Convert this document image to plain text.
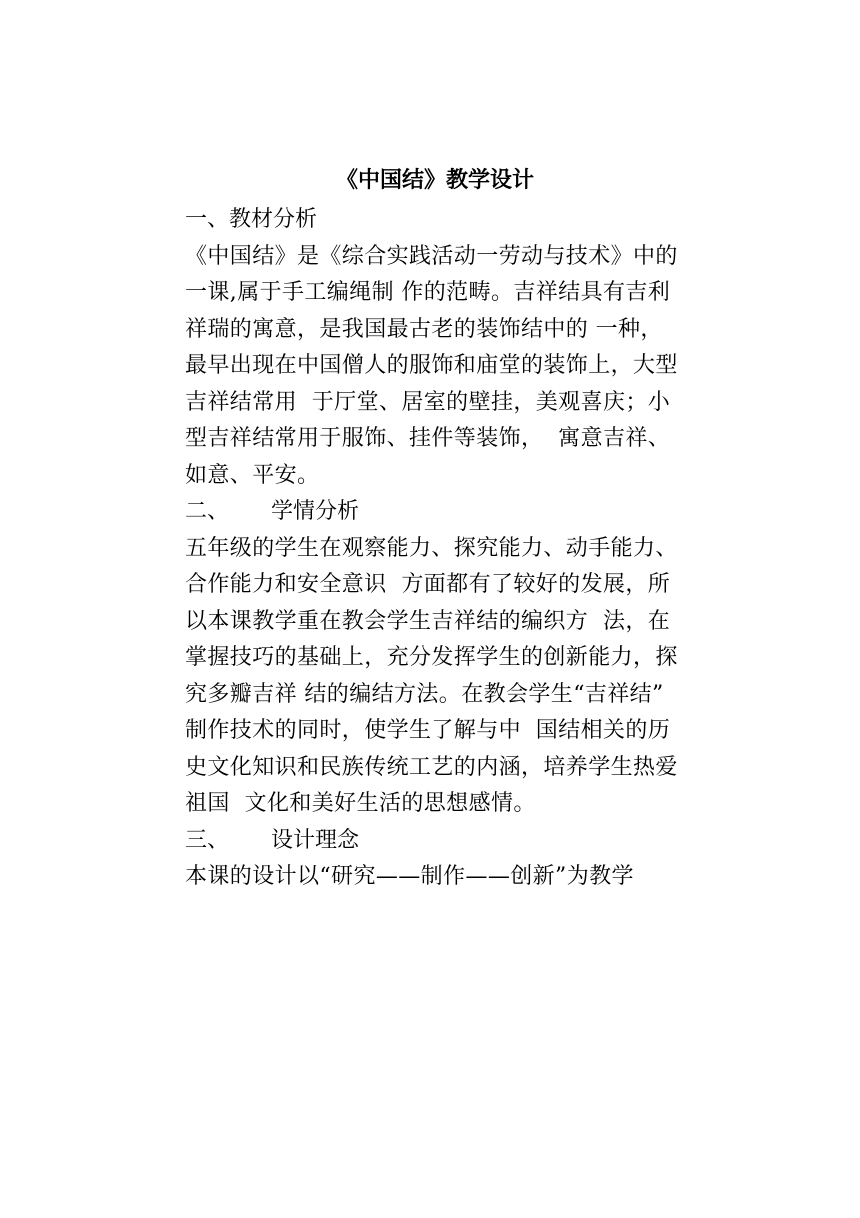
《中国结》教学设计
一、教材分析
《中国结》是《综合实践活动一劳动与技术》中的
一课,属于手工编绳制 作的范畴。吉祥结具有吉利
祥瑞的寓意，是我国最古老的装饰结中的 一种，
最早出现在中国僧人的服饰和庙堂的装饰上，大型
吉祥结常用  于厅堂、居室的壁挂，美观喜庆；小
型吉祥结常用于服饰、挂件等装饰，  寓意吉祥、
如意、平安。
二、      学情分析
五年级的学生在观察能力、探究能力、动手能力、
合作能力和安全意识  方面都有了较好的发展，所
以本课教学重在教会学生吉祥结的编织方  法，在
掌握技巧的基础上，充分发挥学生的创新能力，探
究多瓣吉祥 结的编结方法。在教会学生“吉祥结”
制作技术的同时，使学生了解与中  国结相关的历
史文化知识和民族传统工艺的内涵，培养学生热爱
祖国  文化和美好生活的思想感情。
三、      设计理念
本课的设计以“研究——制作——创新”为教学
